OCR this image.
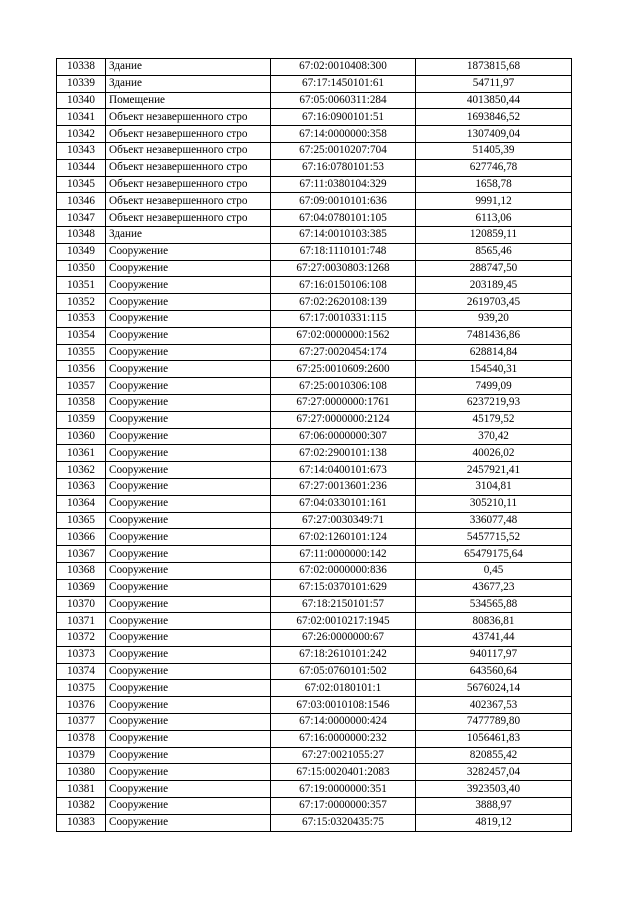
10338	Здание	67:02:0010408:300	1873815,68
10339	Здание	67:17:1450101:61	54711,97
10340	Помещение	67:05:0060311:284	4013850,44
10341	Объект незавершенного стро	67:16:0900101:51	1693846,52
10342	Объект незавершенного стро	67:14:0000000:358	1307409,04
10343	Объект незавершенного стро	67:25:0010207:704	51405,39
10344	Объект незавершенного стро	67:16:0780101:53	627746,78
10345	Объект незавершенного стро	67:11:0380104:329	1658,78
10346	Объект незавершенного стро	67:09:0010101:636	9991,12
10347	Объект незавершенного стро	67:04:0780101:105	6113,06
10348	Здание	67:14:0010103:385	120859,11
10349	Сооружение	67:18:1110101:748	8565,46
10350	Сооружение	67:27:0030803:1268	288747,50
10351	Сооружение	67:16:0150106:108	203189,45
10352	Сооружение	67:02:2620108:139	2619703,45
10353	Сооружение	67:17:0010331:115	939,20
10354	Сооружение	67:02:0000000:1562	7481436,86
10355	Сооружение	67:27:0020454:174	628814,84
10356	Сооружение	67:25:0010609:2600	154540,31
10357	Сооружение	67:25:0010306:108	7499,09
10358	Сооружение	67:27:0000000:1761	6237219,93
10359	Сооружение	67:27:0000000:2124	45179,52
10360	Сооружение	67:06:0000000:307	370,42
10361	Сооружение	67:02:2900101:138	40026,02
10362	Сооружение	67:14:0400101:673	2457921,41
10363	Сооружение	67:27:0013601:236	3104,81
10364	Сооружение	67:04:0330101:161	305210,11
10365	Сооружение	67:27:0030349:71	336077,48
10366	Сооружение	67:02:1260101:124	5457715,52
10367	Сооружение	67:11:0000000:142	65479175,64
10368	Сооружение	67:02:0000000:836	0,45
10369	Сооружение	67:15:0370101:629	43677,23
10370	Сооружение	67:18:2150101:57	534565,88
10371	Сооружение	67:02:0010217:1945	80836,81
10372	Сооружение	67:26:0000000:67	43741,44
10373	Сооружение	67:18:2610101:242	940117,97
10374	Сооружение	67:05:0760101:502	643560,64
10375	Сооружение	67:02:0180101:1	5676024,14
10376	Сооружение	67:03:0010108:1546	402367,53
10377	Сооружение	67:14:0000000:424	7477789,80
10378	Сооружение	67:16:0000000:232	1056461,83
10379	Сооружение	67:27:0021055:27	820855,42
10380	Сооружение	67:15:0020401:2083	3282457,04
10381	Сооружение	67:19:0000000:351	3923503,40
10382	Сооружение	67:17:0000000:357	3888,97
10383	Сооружение	67:15:0320435:75	4819,12
